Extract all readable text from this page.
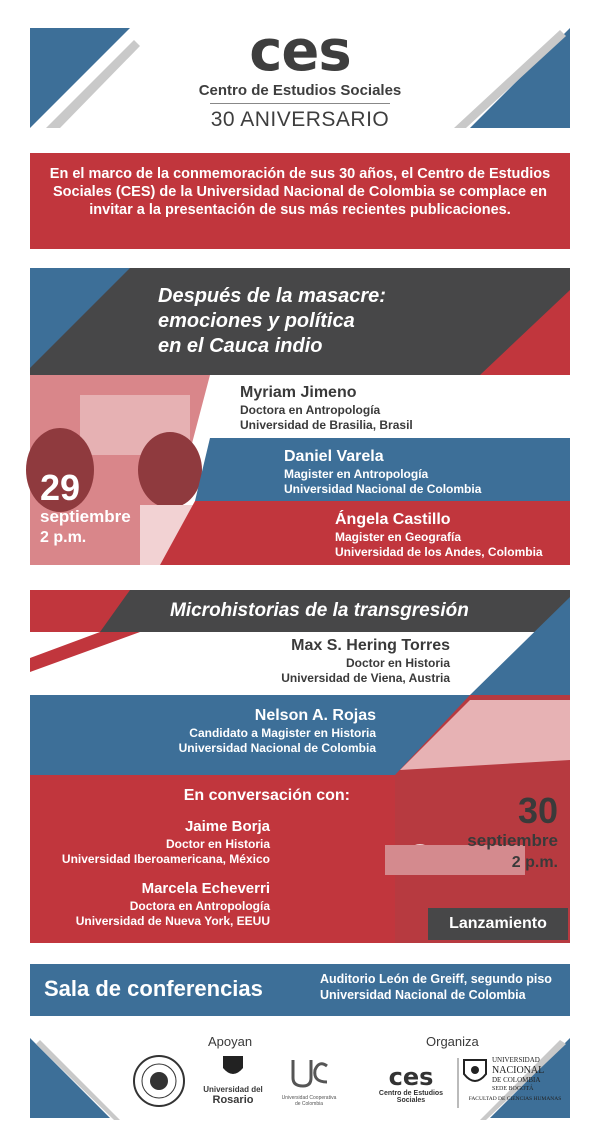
ces
Centro de Estudios Sociales
30 ANIVERSARIO
En el marco de la conmemoración de sus 30 años, el Centro de Estudios
Sociales (CES) de la Universidad Nacional de Colombia se complace en
invitar a la presentación de sus más recientes publicaciones.
Después de la masacre:
emociones y política
en el Cauca indio
Myriam Jimeno
Doctora en Antropología
Universidad de Brasilia, Brasil
Daniel Varela
Magister en Antropología
Universidad Nacional de Colombia
Ángela Castillo
Magister en Geografía
Universidad de los Andes, Colombia
29
septiembre
2 p.m.
Microhistorias de la transgresión
Max S. Hering Torres
Doctor en Historia
Universidad de Viena, Austria
Nelson A. Rojas
Candidato a Magister en Historia
Universidad Nacional de Colombia
En conversación con:
Jaime Borja
Doctor en Historia
Universidad Iberoamericana, México
Marcela Echeverri
Doctora en Antropología
Universidad de Nueva York, EEUU
30
septiembre
2 p.m.
Lanzamiento
Sala de conferencias	Auditorio León de Greiff, segundo piso
Universidad Nacional de Colombia
Apoyan	Organiza
Universidad del
Rosario	Universidad Cooperativa de Colombia
ces
Centro de Estudios Sociales
UNIVERSIDAD
NACIONAL
DE COLOMBIA
SEDE BOGOTÁ
FACULTAD DE CIENCIAS HUMANAS
